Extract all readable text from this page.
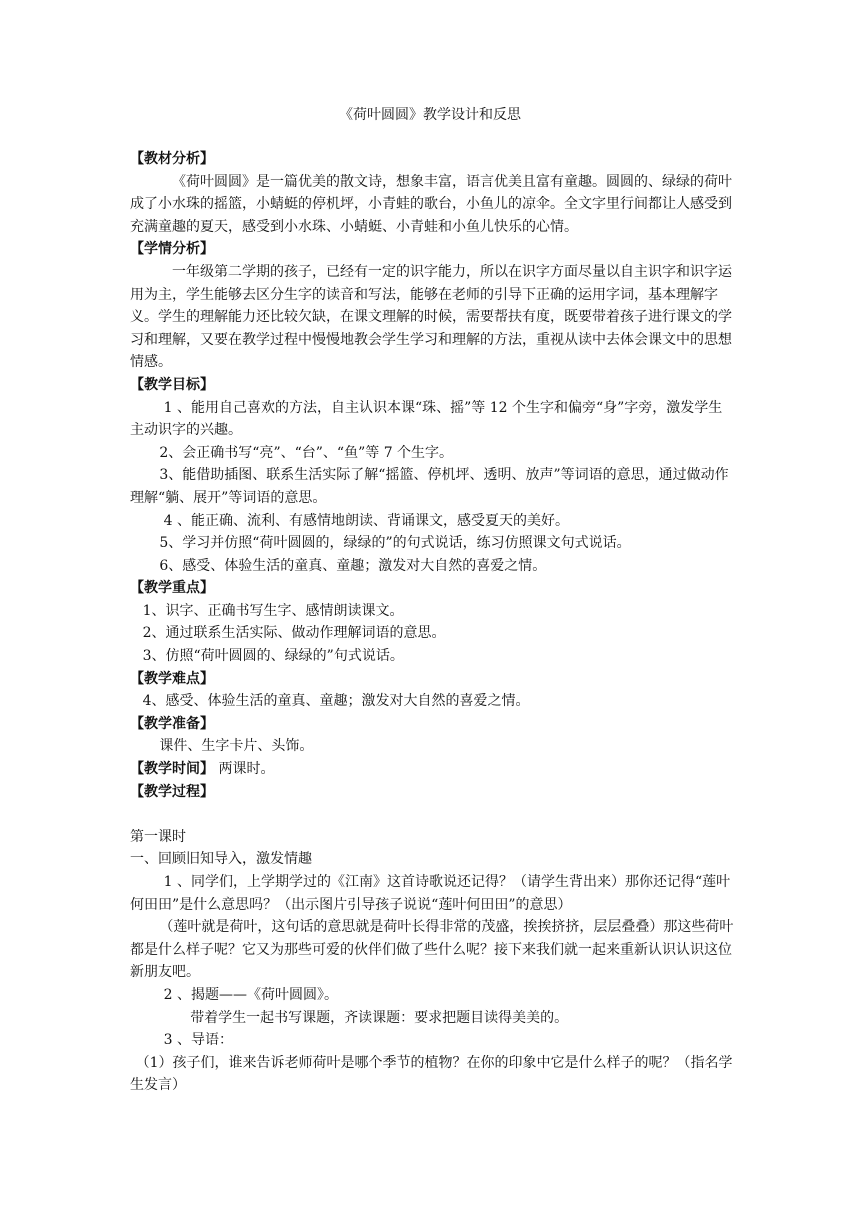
《荷叶圆圆》教学设计和反思

【教材分析】

《荷叶圆圆》是一篇优美的散文诗，想象丰富，语言优美且富有童趣。圆圆的、绿绿的荷叶成了小水珠的摇篮，小蜻蜓的停机坪，小青蛙的歌台，小鱼儿的凉伞。全文字里行间都让人感受到充满童趣的夏天，感受到小水珠、小蜻蜓、小青蛙和小鱼儿快乐的心情。

【学情分析】

一年级第二学期的孩子，已经有一定的识字能力，所以在识字方面尽量以自主识字和识字运用为主，学生能够去区分生字的读音和写法，能够在老师的引导下正确的运用字词，基本理解字义。学生的理解能力还比较欠缺，在课文理解的时候，需要帮扶有度，既要带着孩子进行课文的学习和理解，又要在教学过程中慢慢地教会学生学习和理解的方法，重视从读中去体会课文中的思想情感。

【教学目标】

1 、能用自己喜欢的方法，自主认识本课“珠、摇”等 12 个生字和偏旁“身”字旁，激发学生主动识字的兴趣。

2、会正确书写“亮”、“台”、“鱼”等 7 个生字。

3、能借助插图、联系生活实际了解“摇篮、停机坪、透明、放声”等词语的意思，通过做动作理解“躺、展开”等词语的意思。

4 、能正确、流利、有感情地朗读、背诵课文，感受夏天的美好。

5、学习并仿照“荷叶圆圆的，绿绿的”的句式说话，练习仿照课文句式说话。

6、感受、体验生活的童真、童趣；激发对大自然的喜爱之情。

【教学重点】

1、识字、正确书写生字、感情朗读课文。

2、通过联系生活实际、做动作理解词语的意思。

3、仿照“荷叶圆圆的、绿绿的”句式说话。

【教学难点】

4、感受、体验生活的童真、童趣；激发对大自然的喜爱之情。

【教学准备】

课件、生字卡片、头饰。

【教学时间】 两课时。

【教学过程】

第一课时

一、回顾旧知导入，激发情趣

1 、同学们，上学期学过的《江南》这首诗歌说还记得？（请学生背出来）那你还记得“莲叶何田田”是什么意思吗？（出示图片引导孩子说说“莲叶何田田”的意思）

（莲叶就是荷叶，这句话的意思就是荷叶长得非常的茂盛，挨挨挤挤，层层叠叠）那这些荷叶都是什么样子呢？它又为那些可爱的伙伴们做了些什么呢？接下来我们就一起来重新认识认识这位新朋友吧。

2 、揭题——《荷叶圆圆》。

带着学生一起书写课题，齐读课题：要求把题目读得美美的。

3 、导语：

（1）孩子们，谁来告诉老师荷叶是哪个季节的植物？在你的印象中它是什么样子的呢？（指名学生发言）
